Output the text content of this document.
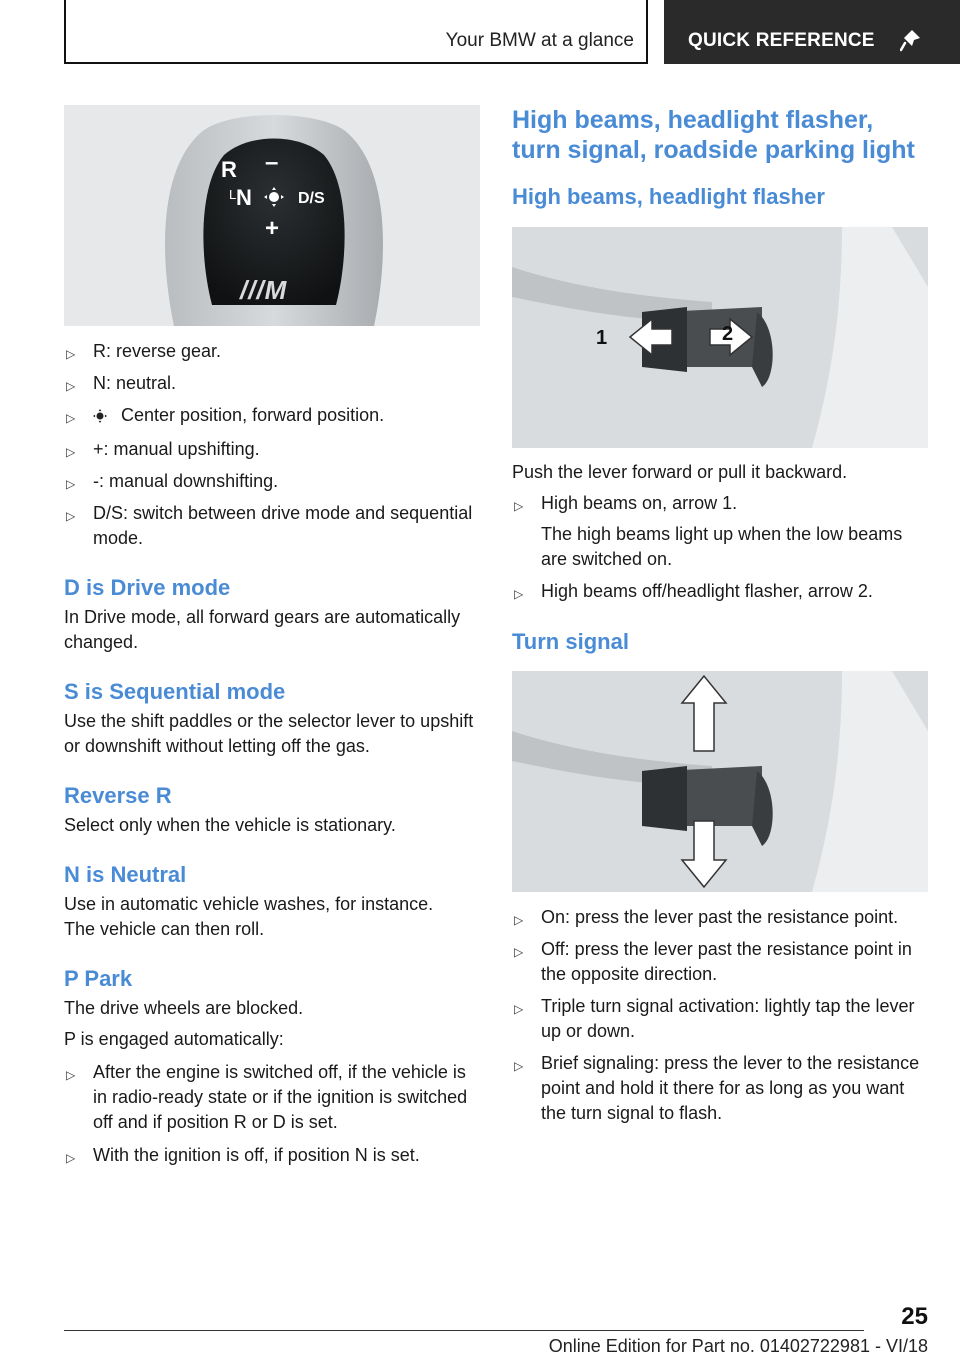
Your BMW at a glance	QUICK REFERENCE
R –
L N	D/S
+
///M
▷ R: reverse gear.
▷ N: neutral.
▷	Center position, forward position.
▷ +: manual upshifting.
▷ -: manual downshifting.
▷ D/S: switch between drive mode and sequential mode.
D is Drive mode

In Drive mode, all forward gears are automatically changed.

S is Sequential mode

Use the shift paddles or the selector lever to upshift or downshift without letting off the gas.

Reverse R

Select only when the vehicle is stationary.

N is Neutral

Use in automatic vehicle washes, for instance.

The vehicle can then roll.

P Park

The drive wheels are blocked.

P is engaged automatically:

▷ After the engine is switched off, if the vehicle is in radio-ready state or if the ignition is switched off and if position R or D is set.
▷ With the ignition is off, if position N is set.
High beams, headlight flasher, turn signal, roadside parking light
High beams, headlight flasher
1	2

Push the lever forward or pull it backward.

▷ High beams on, arrow 1.
The high beams light up when the low beams are switched on.
▷ High beams off/headlight flasher, arrow 2.
Turn signal
▷ On: press the lever past the resistance point.
▷ Off: press the lever past the resistance point in the opposite direction.
▷ Triple turn signal activation: lightly tap the lever up or down.
▷ Brief signaling: press the lever to the resistance point and hold it there for as long as you want the turn signal to flash.
25
Online Edition for Part no. 01402722981 - VI/18
